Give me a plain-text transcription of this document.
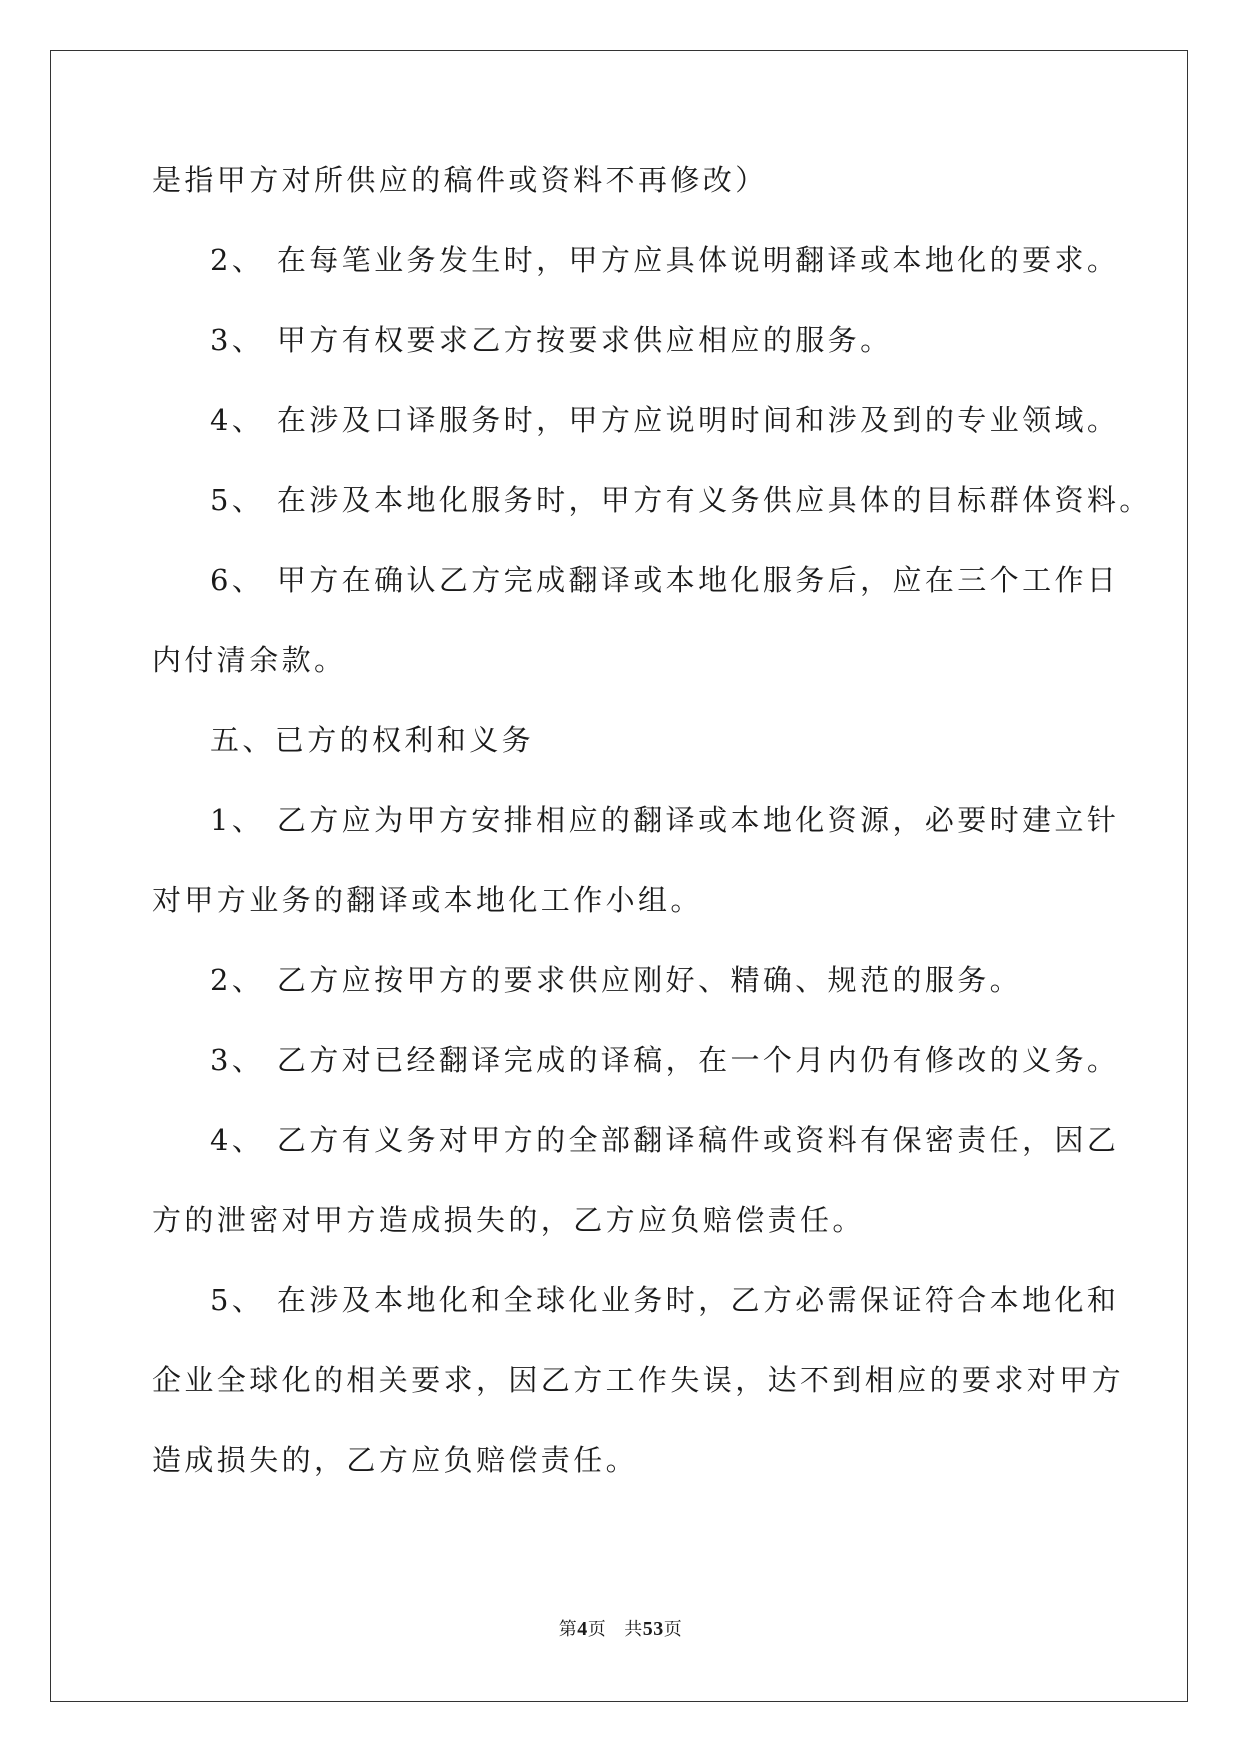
是指甲方对所供应的稿件或资料不再修改）
2、 在每笔业务发生时，甲方应具体说明翻译或本地化的要求。
3、 甲方有权要求乙方按要求供应相应的服务。
4、 在涉及口译服务时，甲方应说明时间和涉及到的专业领域。
5、 在涉及本地化服务时，甲方有义务供应具体的目标群体资料。
6、 甲方在确认乙方完成翻译或本地化服务后，应在三个工作日
内付清余款。
五、已方的权利和义务
1、 乙方应为甲方安排相应的翻译或本地化资源，必要时建立针
对甲方业务的翻译或本地化工作小组。
2、 乙方应按甲方的要求供应刚好、精确、规范的服务。
3、 乙方对已经翻译完成的译稿，在一个月内仍有修改的义务。
4、 乙方有义务对甲方的全部翻译稿件或资料有保密责任，因乙
方的泄密对甲方造成损失的，乙方应负赔偿责任。
5、 在涉及本地化和全球化业务时，乙方必需保证符合本地化和
企业全球化的相关要求，因乙方工作失误，达不到相应的要求对甲方
造成损失的，乙方应负赔偿责任。
第4页 共53页
